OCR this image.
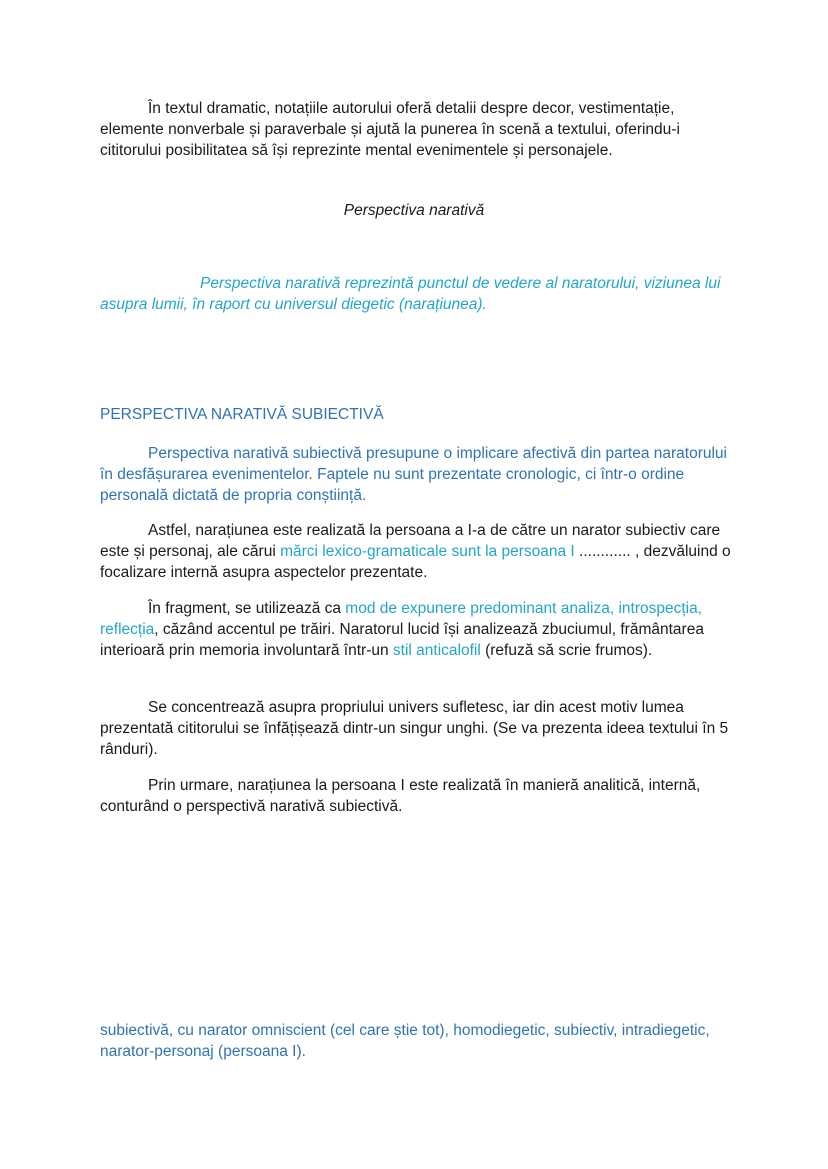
În textul dramatic, notațiile autorului oferă detalii despre decor, vestimentație, elemente nonverbale și paraverbale și ajută la punerea în scenă a textului, oferindu-i cititorului posibilitatea să își reprezinte mental evenimentele și personajele.

Perspectiva narativă

Perspectiva narativă reprezintă punctul de vedere al naratorului, viziunea lui asupra lumii, în raport cu universul diegetic (narațiunea).

PERSPECTIVA NARATIVĂ SUBIECTIVĂ

Perspectiva narativă subiectivă presupune o implicare afectivă din partea naratorului în desfășurarea evenimentelor. Faptele nu sunt prezentate cronologic, ci într-o ordine personală dictată de propria conștiință.

Astfel, narațiunea este realizată la persoana a I-a de către un narator subiectiv care este și personaj, ale cărui mărci lexico-gramaticale sunt la persoana I ............ , dezvăluind o focalizare internă asupra aspectelor prezentate.

În fragment, se utilizează ca mod de expunere predominant analiza, introspecția, reflecția, căzând accentul pe trăiri. Naratorul lucid își analizează zbuciumul, frământarea interioară prin memoria involuntară într-un stil anticalofil (refuză să scrie frumos).

Se concentrează asupra propriului univers sufletesc, iar din acest motiv lumea prezentată cititorului se înfățișează dintr-un singur unghi. (Se va prezenta ideea textului în 5 rânduri).

Prin urmare, narațiunea la persoana I este realizată în manieră analitică, internă, conturând o perspectivă narativă subiectivă.

subiectivă, cu narator omniscient (cel care știe tot), homodiegetic, subiectiv, intradiegetic, narator-personaj (persoana I).
